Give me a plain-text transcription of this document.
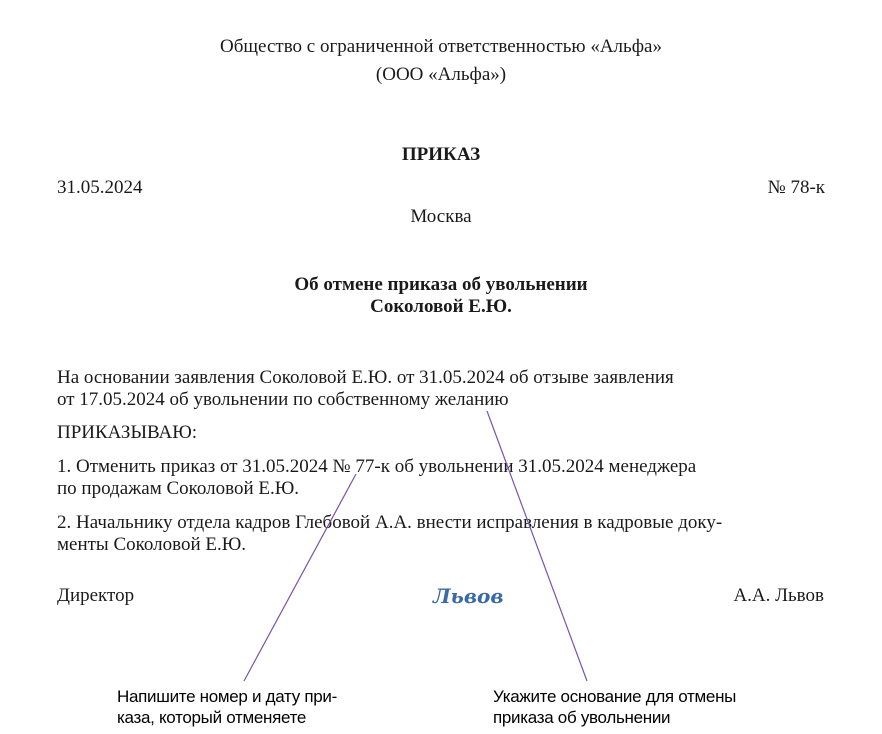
Общество с ограниченной ответственностью «Альфа»
(ООО «Альфа»)
ПРИКАЗ
31.05.2024	№ 78-к
Москва
Об отмене приказа об увольнении
Соколовой Е.Ю.
На основании заявления Соколовой Е.Ю. от 31.05.2024 об отзыве заявления
от 17.05.2024 об увольнении по собственному желанию
ПРИКАЗЫВАЮ:
1. Отменить приказ от 31.05.2024 № 77-к об увольнении 31.05.2024 менеджера
по продажам Соколовой Е.Ю.
2. Начальнику отдела кадров Глебовой А.А. внести исправления в кадровые доку-
менты Соколовой Е.Ю.
Директор	Львов	А.А. Львов
Напишите номер и дату при-
каза, который отменяете
Укажите основание для отмены
приказа об увольнении
